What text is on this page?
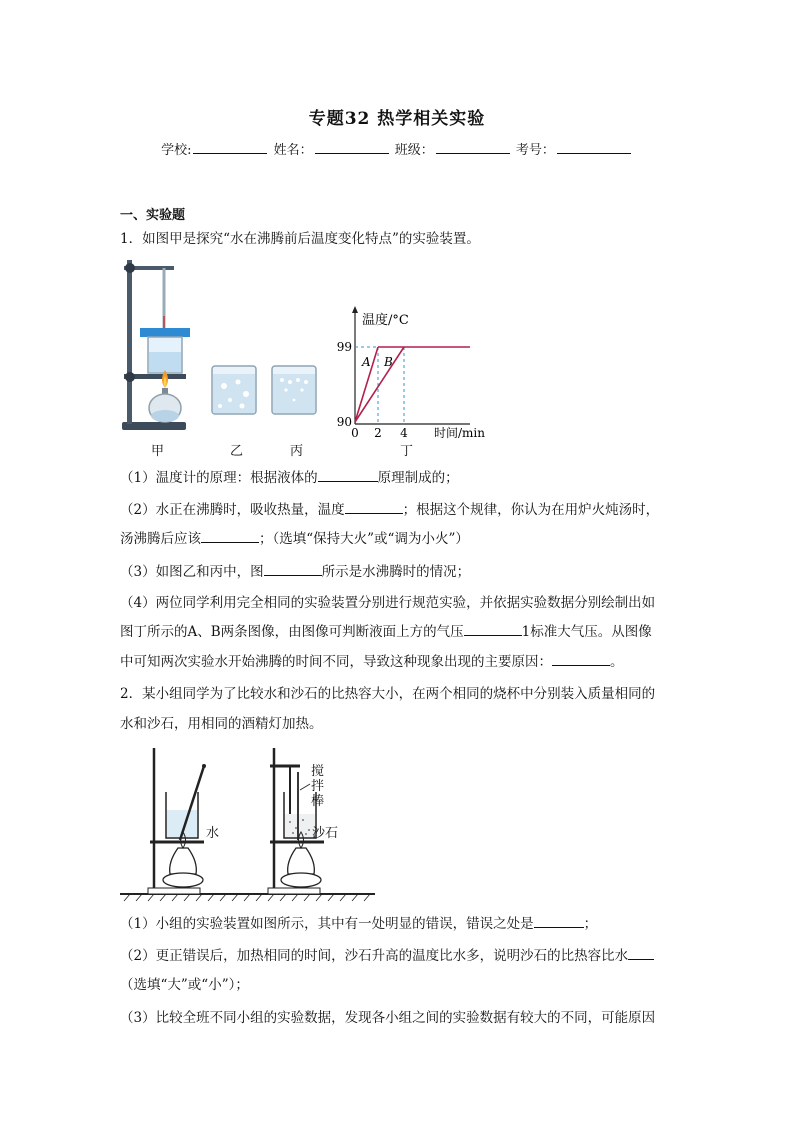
专题32 热学相关实验
学校:	姓名：	班级：	考号：
一、实验题
1．如图甲是探究“水在沸腾前后温度变化特点”的实验装置。
温度/°C
99
90
0 2 4 时间/min
A B
甲	乙	丙	丁
（1）温度计的原理：根据液体的	原理制成的；
（2）水正在沸腾时，吸收热量，温度	；根据这个规律，你认为在用炉火炖汤时，
汤沸腾后应该	；（选填“保持大火”或“调为小火”）
（3）如图乙和丙中，图	所示是水沸腾时的情况；
（4）两位同学利用完全相同的实验装置分别进行规范实验，并依据实验数据分别绘制出如
图丁所示的A、B两条图像，由图像可判断液面上方的气压	1标准大气压。从图像
中可知两次实验水开始沸腾的时间不同，导致这种现象出现的主要原因：	。
2．某小组同学为了比较水和沙石的比热容大小，在两个相同的烧杯中分别装入质量相同的
水和沙石，用相同的酒精灯加热。
水	沙石
搅拌棒
（1）小组的实验装置如图所示，其中有一处明显的错误，错误之处是	；
（2）更正错误后，加热相同的时间，沙石升高的温度比水多，说明沙石的比热容比水
（选填“大”或“小”）；
（3）比较全班不同小组的实验数据，发现各小组之间的实验数据有较大的不同，可能原因
